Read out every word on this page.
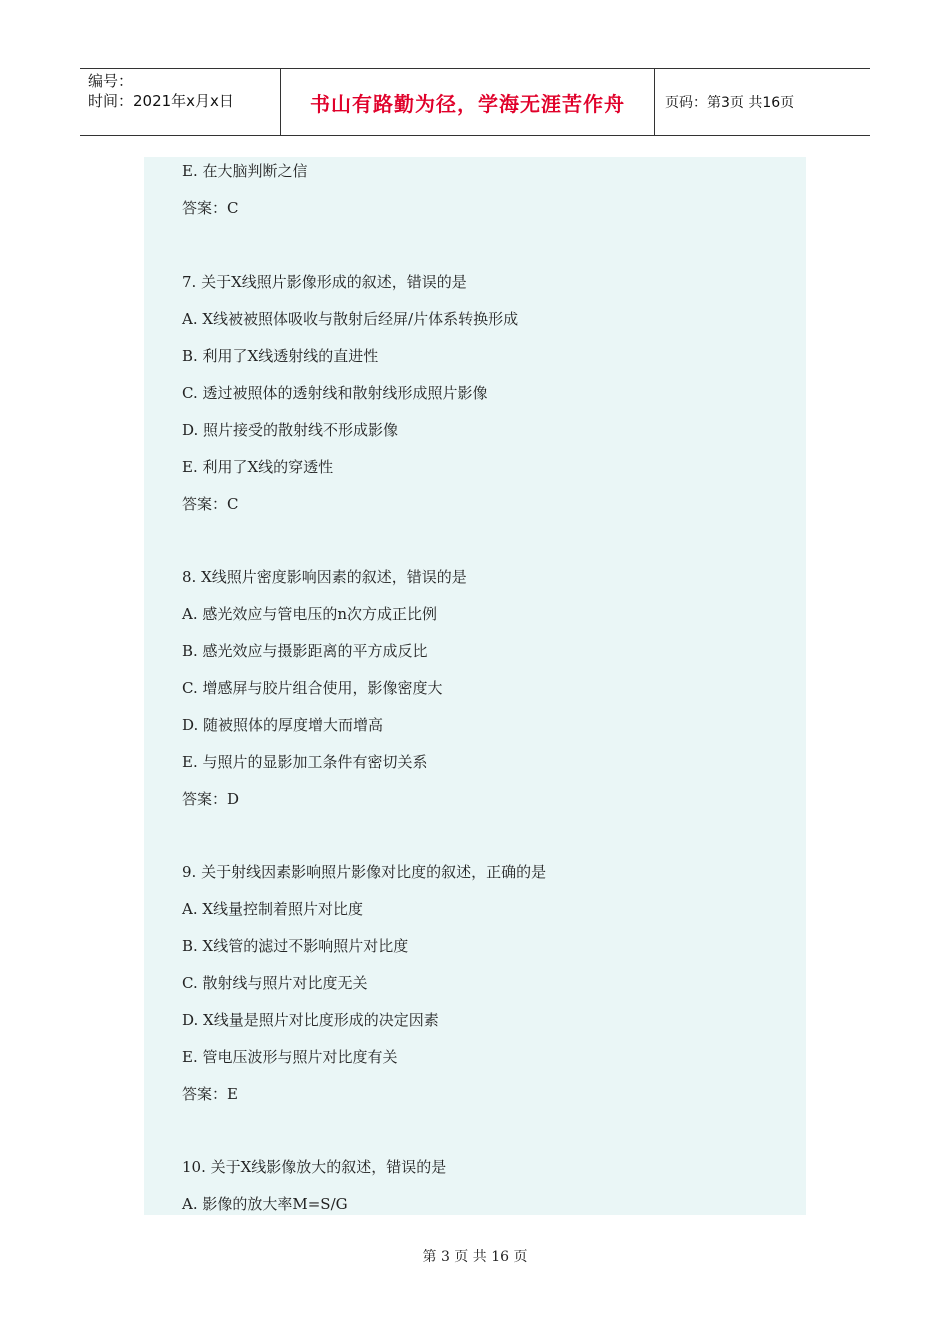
编号：
时间：2021年x月x日	书山有路勤为径，学海无涯苦作舟	页码：第3页 共16页
E. 在大脑判断之信
答案：C
7. 关于X线照片影像形成的叙述，错误的是
A. X线被被照体吸收与散射后经屏/片体系转换形成
B. 利用了X线透射线的直进性
C. 透过被照体的透射线和散射线形成照片影像
D. 照片接受的散射线不形成影像
E. 利用了X线的穿透性
答案：C
8. X线照片密度影响因素的叙述，错误的是
A. 感光效应与管电压的n次方成正比例
B. 感光效应与摄影距离的平方成反比
C. 增感屏与胶片组合使用，影像密度大
D. 随被照体的厚度增大而增高
E. 与照片的显影加工条件有密切关系
答案：D
9. 关于射线因素影响照片影像对比度的叙述，正确的是
A. X线量控制着照片对比度
B. X线管的滤过不影响照片对比度
C. 散射线与照片对比度无关
D. X线量是照片对比度形成的决定因素
E. 管电压波形与照片对比度有关
答案：E
10. 关于X线影像放大的叙述，错误的是
A. 影像的放大率M=S/G
第 3 页 共 16 页
